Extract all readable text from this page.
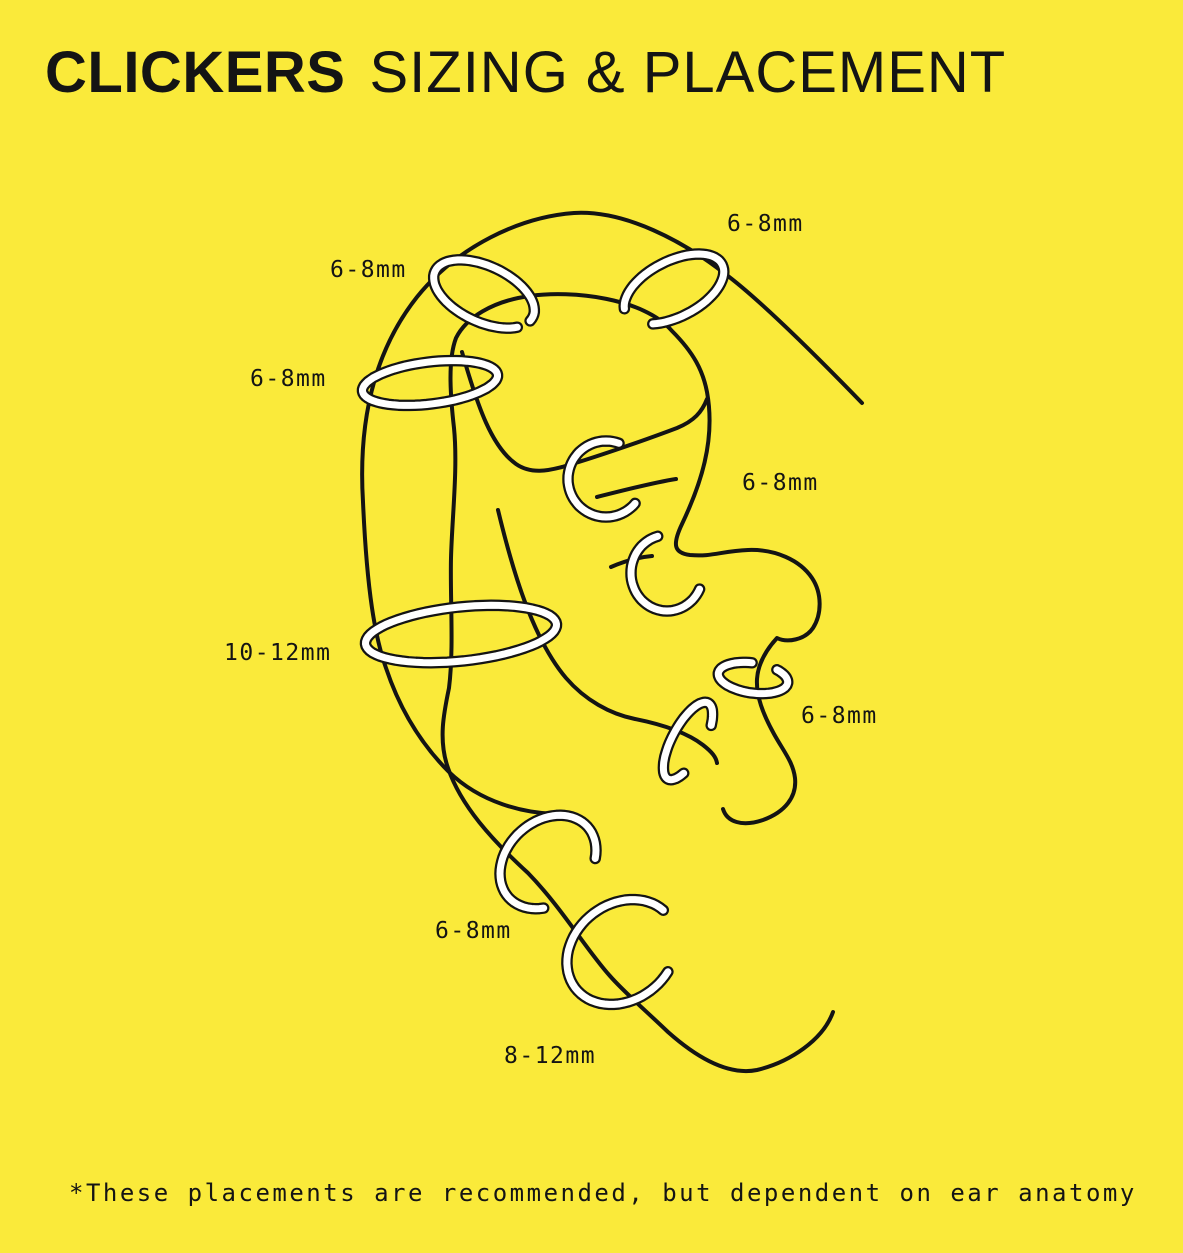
CLICKERS SIZING & PLACEMENT
6-8mm
6-8mm
6-8mm
10-12mm
6-8mm
6-8mm
6-8mm
8-12mm
*These placements are recommended, but dependent on ear anatomy
